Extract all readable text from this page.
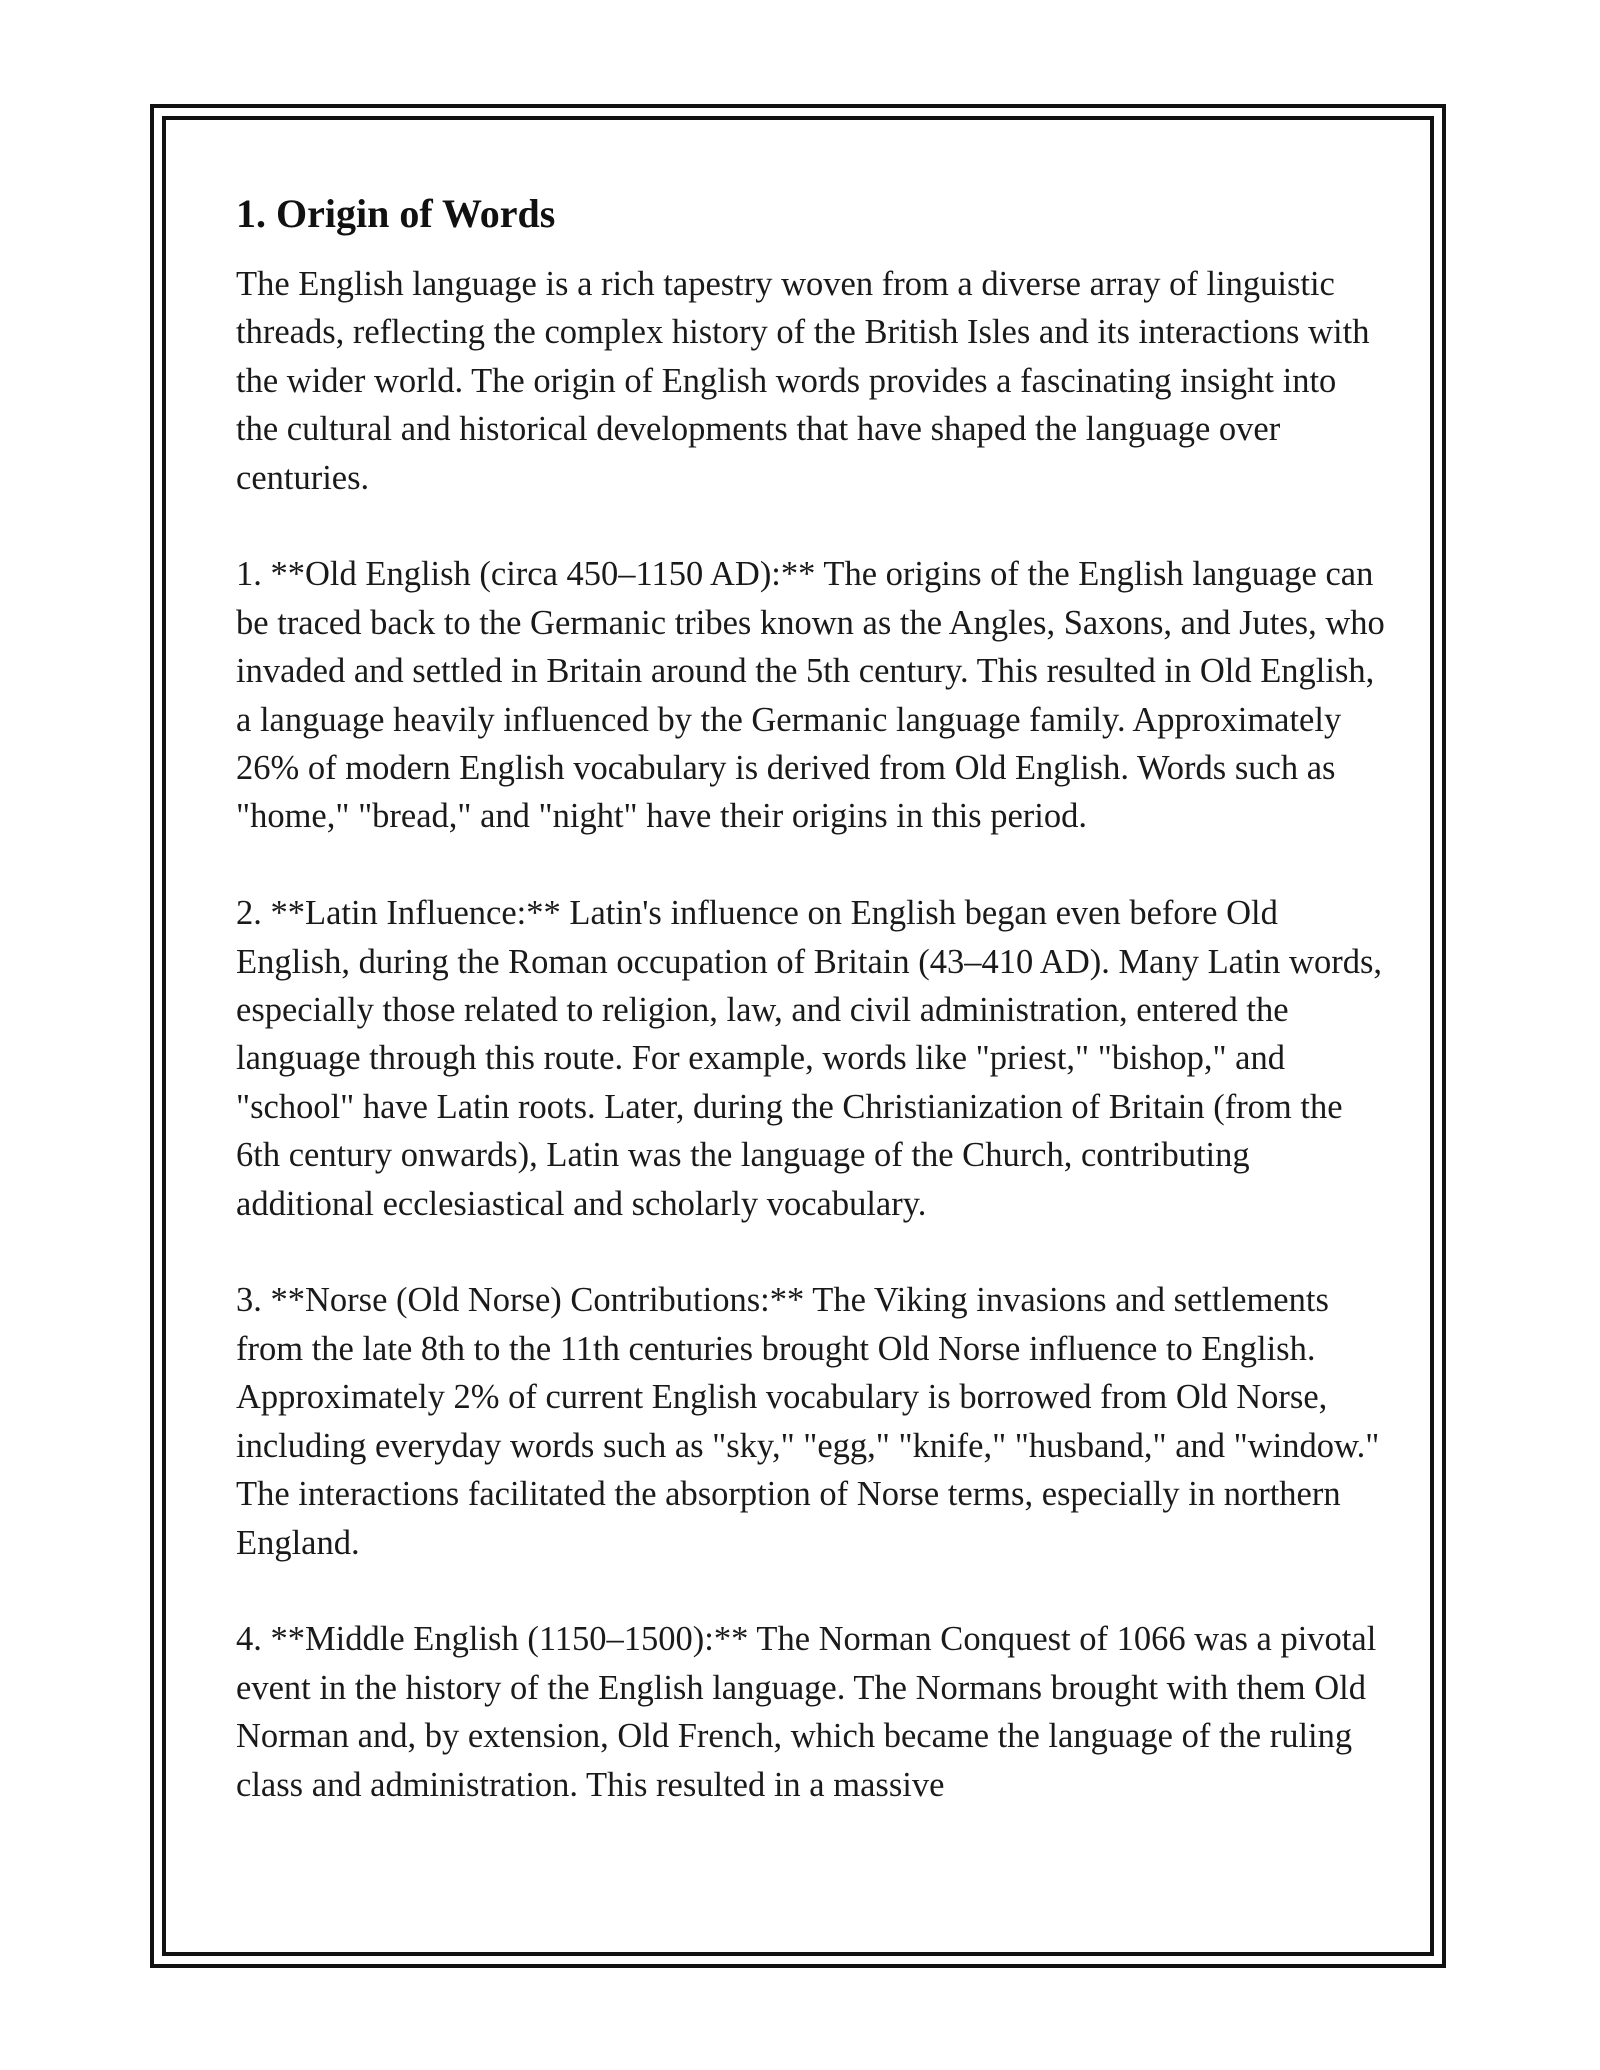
1. Origin of Words

The English language is a rich tapestry woven from a diverse array of linguistic threads, reflecting the complex history of the British Isles and its interactions with the wider world. The origin of English words provides a fascinating insight into the cultural and historical developments that have shaped the language over centuries.

1. **Old English (circa 450–1150 AD):** The origins of the English language can be traced back to the Germanic tribes known as the Angles, Saxons, and Jutes, who invaded and settled in Britain around the 5th century. This resulted in Old English, a language heavily influenced by the Germanic language family. Approximately 26% of modern English vocabulary is derived from Old English. Words such as "home," "bread," and "night" have their origins in this period.

2. **Latin Influence:** Latin's influence on English began even before Old English, during the Roman occupation of Britain (43–410 AD). Many Latin words, especially those related to religion, law, and civil administration, entered the language through this route. For example, words like "priest," "bishop," and "school" have Latin roots. Later, during the Christianization of Britain (from the 6th century onwards), Latin was the language of the Church, contributing additional ecclesiastical and scholarly vocabulary.

3. **Norse (Old Norse) Contributions:** The Viking invasions and settlements from the late 8th to the 11th centuries brought Old Norse influence to English. Approximately 2% of current English vocabulary is borrowed from Old Norse, including everyday words such as "sky," "egg," "knife," "husband," and "window." The interactions facilitated the absorption of Norse terms, especially in northern England.

4. **Middle English (1150–1500):** The Norman Conquest of 1066 was a pivotal event in the history of the English language. The Normans brought with them Old Norman and, by extension, Old French, which became the language of the ruling class and administration. This resulted in a massive
